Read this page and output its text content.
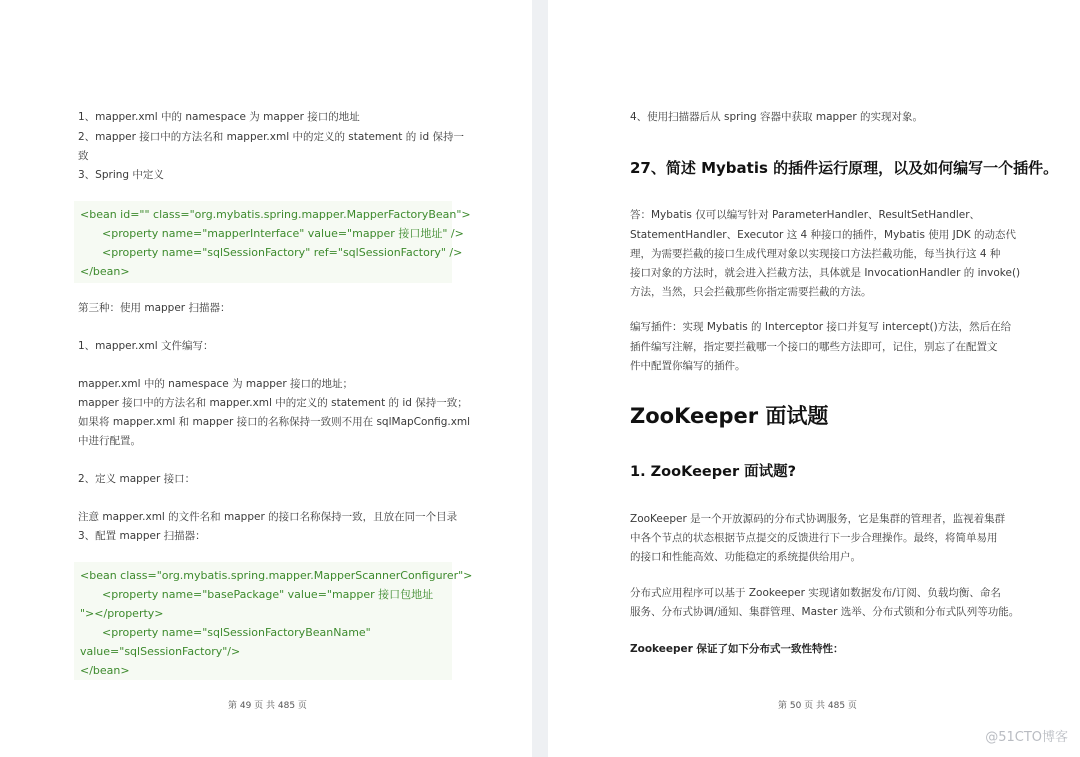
1、mapper.xml 中的 namespace 为 mapper 接口的地址
2、mapper 接口中的方法名和 mapper.xml 中的定义的 statement 的 id 保持一
致
3、Spring 中定义
<bean id="" class="org.mybatis.spring.mapper.MapperFactoryBean">
<property name="mapperInterface" value="mapper 接口地址" />
<property name="sqlSessionFactory" ref="sqlSessionFactory" />
</bean>
第三种：使用 mapper 扫描器：
1、mapper.xml 文件编写：
mapper.xml 中的 namespace 为 mapper 接口的地址；
mapper 接口中的方法名和 mapper.xml 中的定义的 statement 的 id 保持一致；
如果将 mapper.xml 和 mapper 接口的名称保持一致则不用在 sqlMapConfig.xml
中进行配置。
2、定义 mapper 接口：
注意 mapper.xml 的文件名和 mapper 的接口名称保持一致，且放在同一个目录
3、配置 mapper 扫描器：
<bean class="org.mybatis.spring.mapper.MapperScannerConfigurer">
<property name="basePackage" value="mapper 接口包地址
"></property>
<property name="sqlSessionFactoryBeanName"
value="sqlSessionFactory"/>
</bean>
第 49 页 共 485 页
4、使用扫描器后从 spring 容器中获取 mapper 的实现对象。
27、简述 Mybatis 的插件运行原理，以及如何编写一个插件。
答：Mybatis 仅可以编写针对 ParameterHandler、ResultSetHandler、
StatementHandler、Executor 这 4 种接口的插件，Mybatis 使用 JDK 的动态代
理，为需要拦截的接口生成代理对象以实现接口方法拦截功能，每当执行这 4 种
接口对象的方法时，就会进入拦截方法，具体就是 InvocationHandler 的 invoke()
方法，当然，只会拦截那些你指定需要拦截的方法。
编写插件：实现 Mybatis 的 Interceptor 接口并复写 intercept()方法，然后在给
插件编写注解，指定要拦截哪一个接口的哪些方法即可，记住，别忘了在配置文
件中配置你编写的插件。
ZooKeeper 面试题
1. ZooKeeper 面试题?
ZooKeeper 是一个开放源码的分布式协调服务，它是集群的管理者，监视着集群
中各个节点的状态根据节点提交的反馈进行下一步合理操作。最终，将简单易用
的接口和性能高效、功能稳定的系统提供给用户。
分布式应用程序可以基于 Zookeeper 实现诸如数据发布/订阅、负载均衡、命名
服务、分布式协调/通知、集群管理、Master 选举、分布式锁和分布式队列等功能。
Zookeeper 保证了如下分布式一致性特性：
第 50 页 共 485 页
@51CTO博客
